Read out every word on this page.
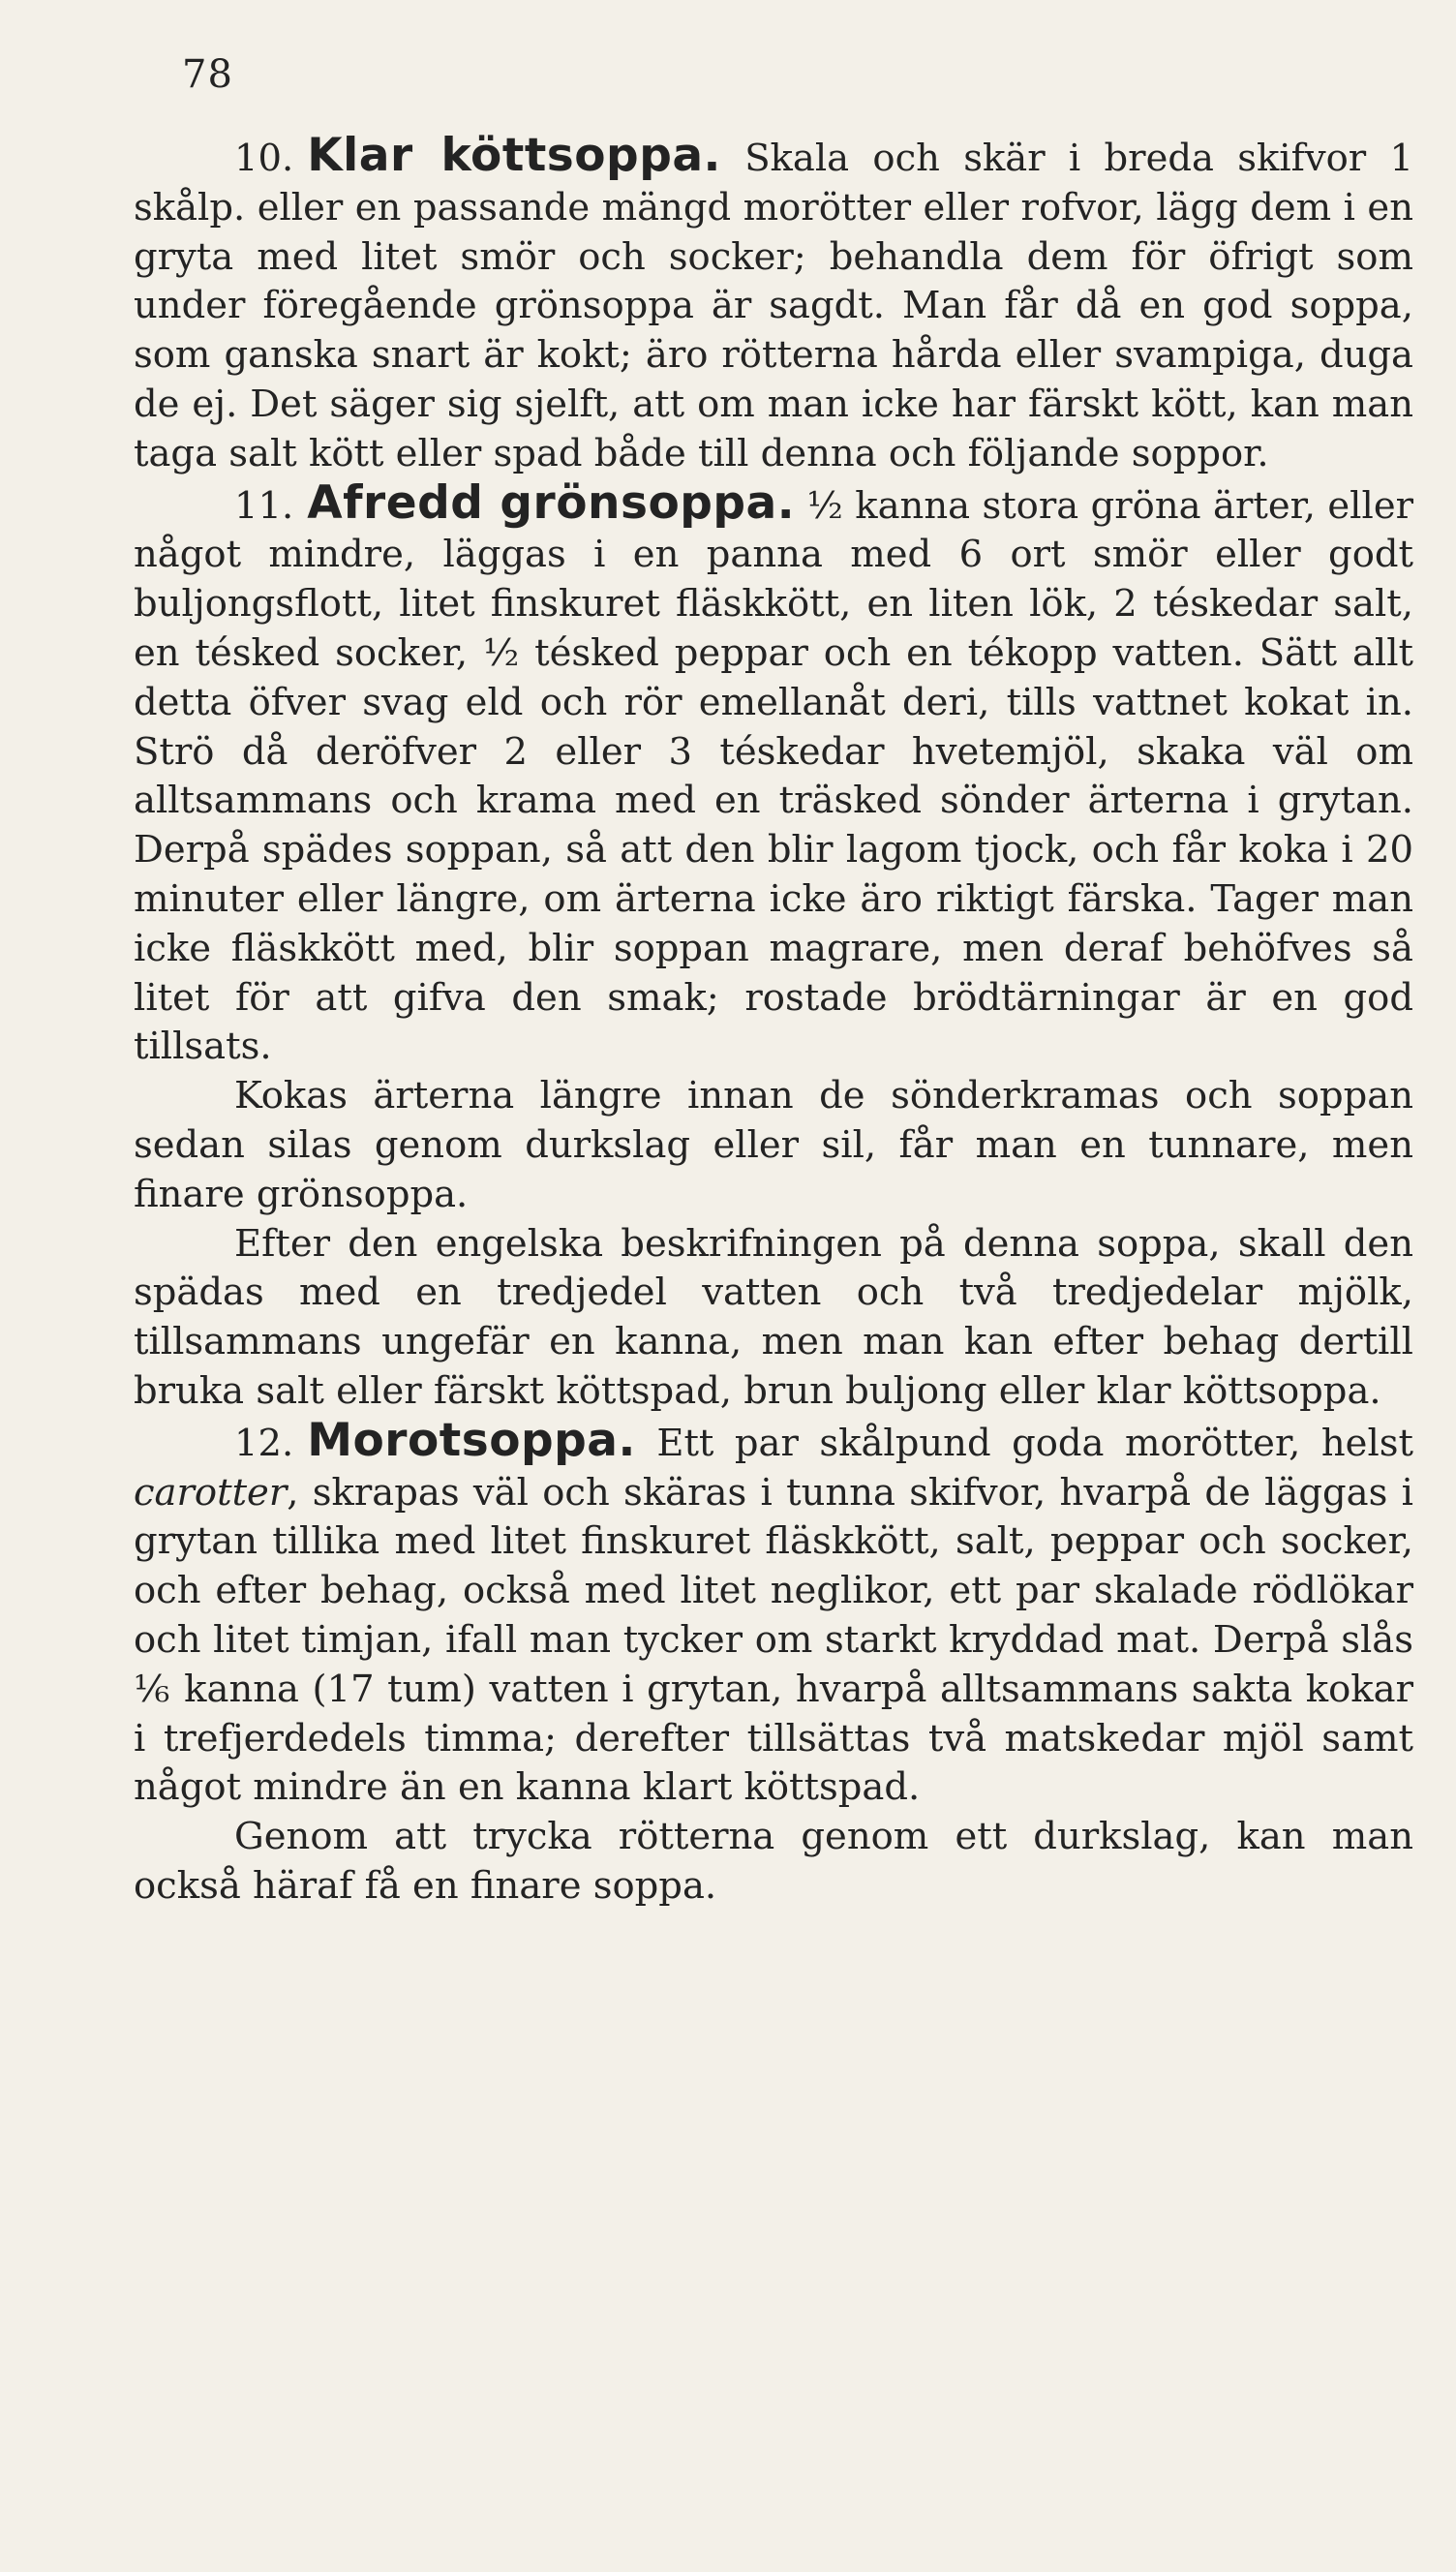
78

10. Klar köttsoppa. Skala och skär i breda skifvor 1 skålp. eller en passande mängd morötter eller rofvor, lägg dem i en gryta med litet smör och socker; behandla dem för öfrigt som under föregående grönsoppa är sagdt. Man får då en god soppa, som ganska snart är kokt; äro rötterna hårda eller svampiga, duga de ej. Det säger sig sjelft, att om man icke har färskt kött, kan man taga salt kött eller spad både till denna och följande soppor.

11. Afredd grönsoppa. ½ kanna stora gröna ärter, eller något mindre, läggas i en panna med 6 ort smör eller godt buljongsflott, litet finskuret fläskkött, en liten lök, 2 téskedar salt, en tésked socker, ½ tésked peppar och en tékopp vatten. Sätt allt detta öfver svag eld och rör emellanåt deri, tills vattnet kokat in. Strö då deröfver 2 eller 3 téskedar hvetemjöl, skaka väl om alltsammans och krama med en träsked sönder ärterna i grytan. Derpå spädes soppan, så att den blir lagom tjock, och får koka i 20 minuter eller längre, om ärterna icke äro riktigt färska. Tager man icke fläskkött med, blir soppan magrare, men deraf behöfves så litet för att gifva den smak; rostade brödtärningar är en god tillsats.

Kokas ärterna längre innan de sönderkramas och soppan sedan silas genom durkslag eller sil, får man en tunnare, men finare grönsoppa.

Efter den engelska beskrifningen på denna soppa, skall den spädas med en tredjedel vatten och två tredjedelar mjölk, tillsammans ungefär en kanna, men man kan efter behag dertill bruka salt eller färskt köttspad, brun buljong eller klar köttsoppa.

12. Morotsoppa. Ett par skålpund goda morötter, helst carotter, skrapas väl och skäras i tunna skifvor, hvarpå de läggas i grytan tillika med litet finskuret fläskkött, salt, peppar och socker, och efter behag, också med litet neglikor, ett par skalade rödlökar och litet timjan, ifall man tycker om starkt kryddad mat. Derpå slås ⅙ kanna (17 tum) vatten i grytan, hvarpå alltsammans sakta kokar i trefjerdedels timma; derefter tillsättas två matskedar mjöl samt något mindre än en kanna klart köttspad.

Genom att trycka rötterna genom ett durkslag, kan man också häraf få en finare soppa.
